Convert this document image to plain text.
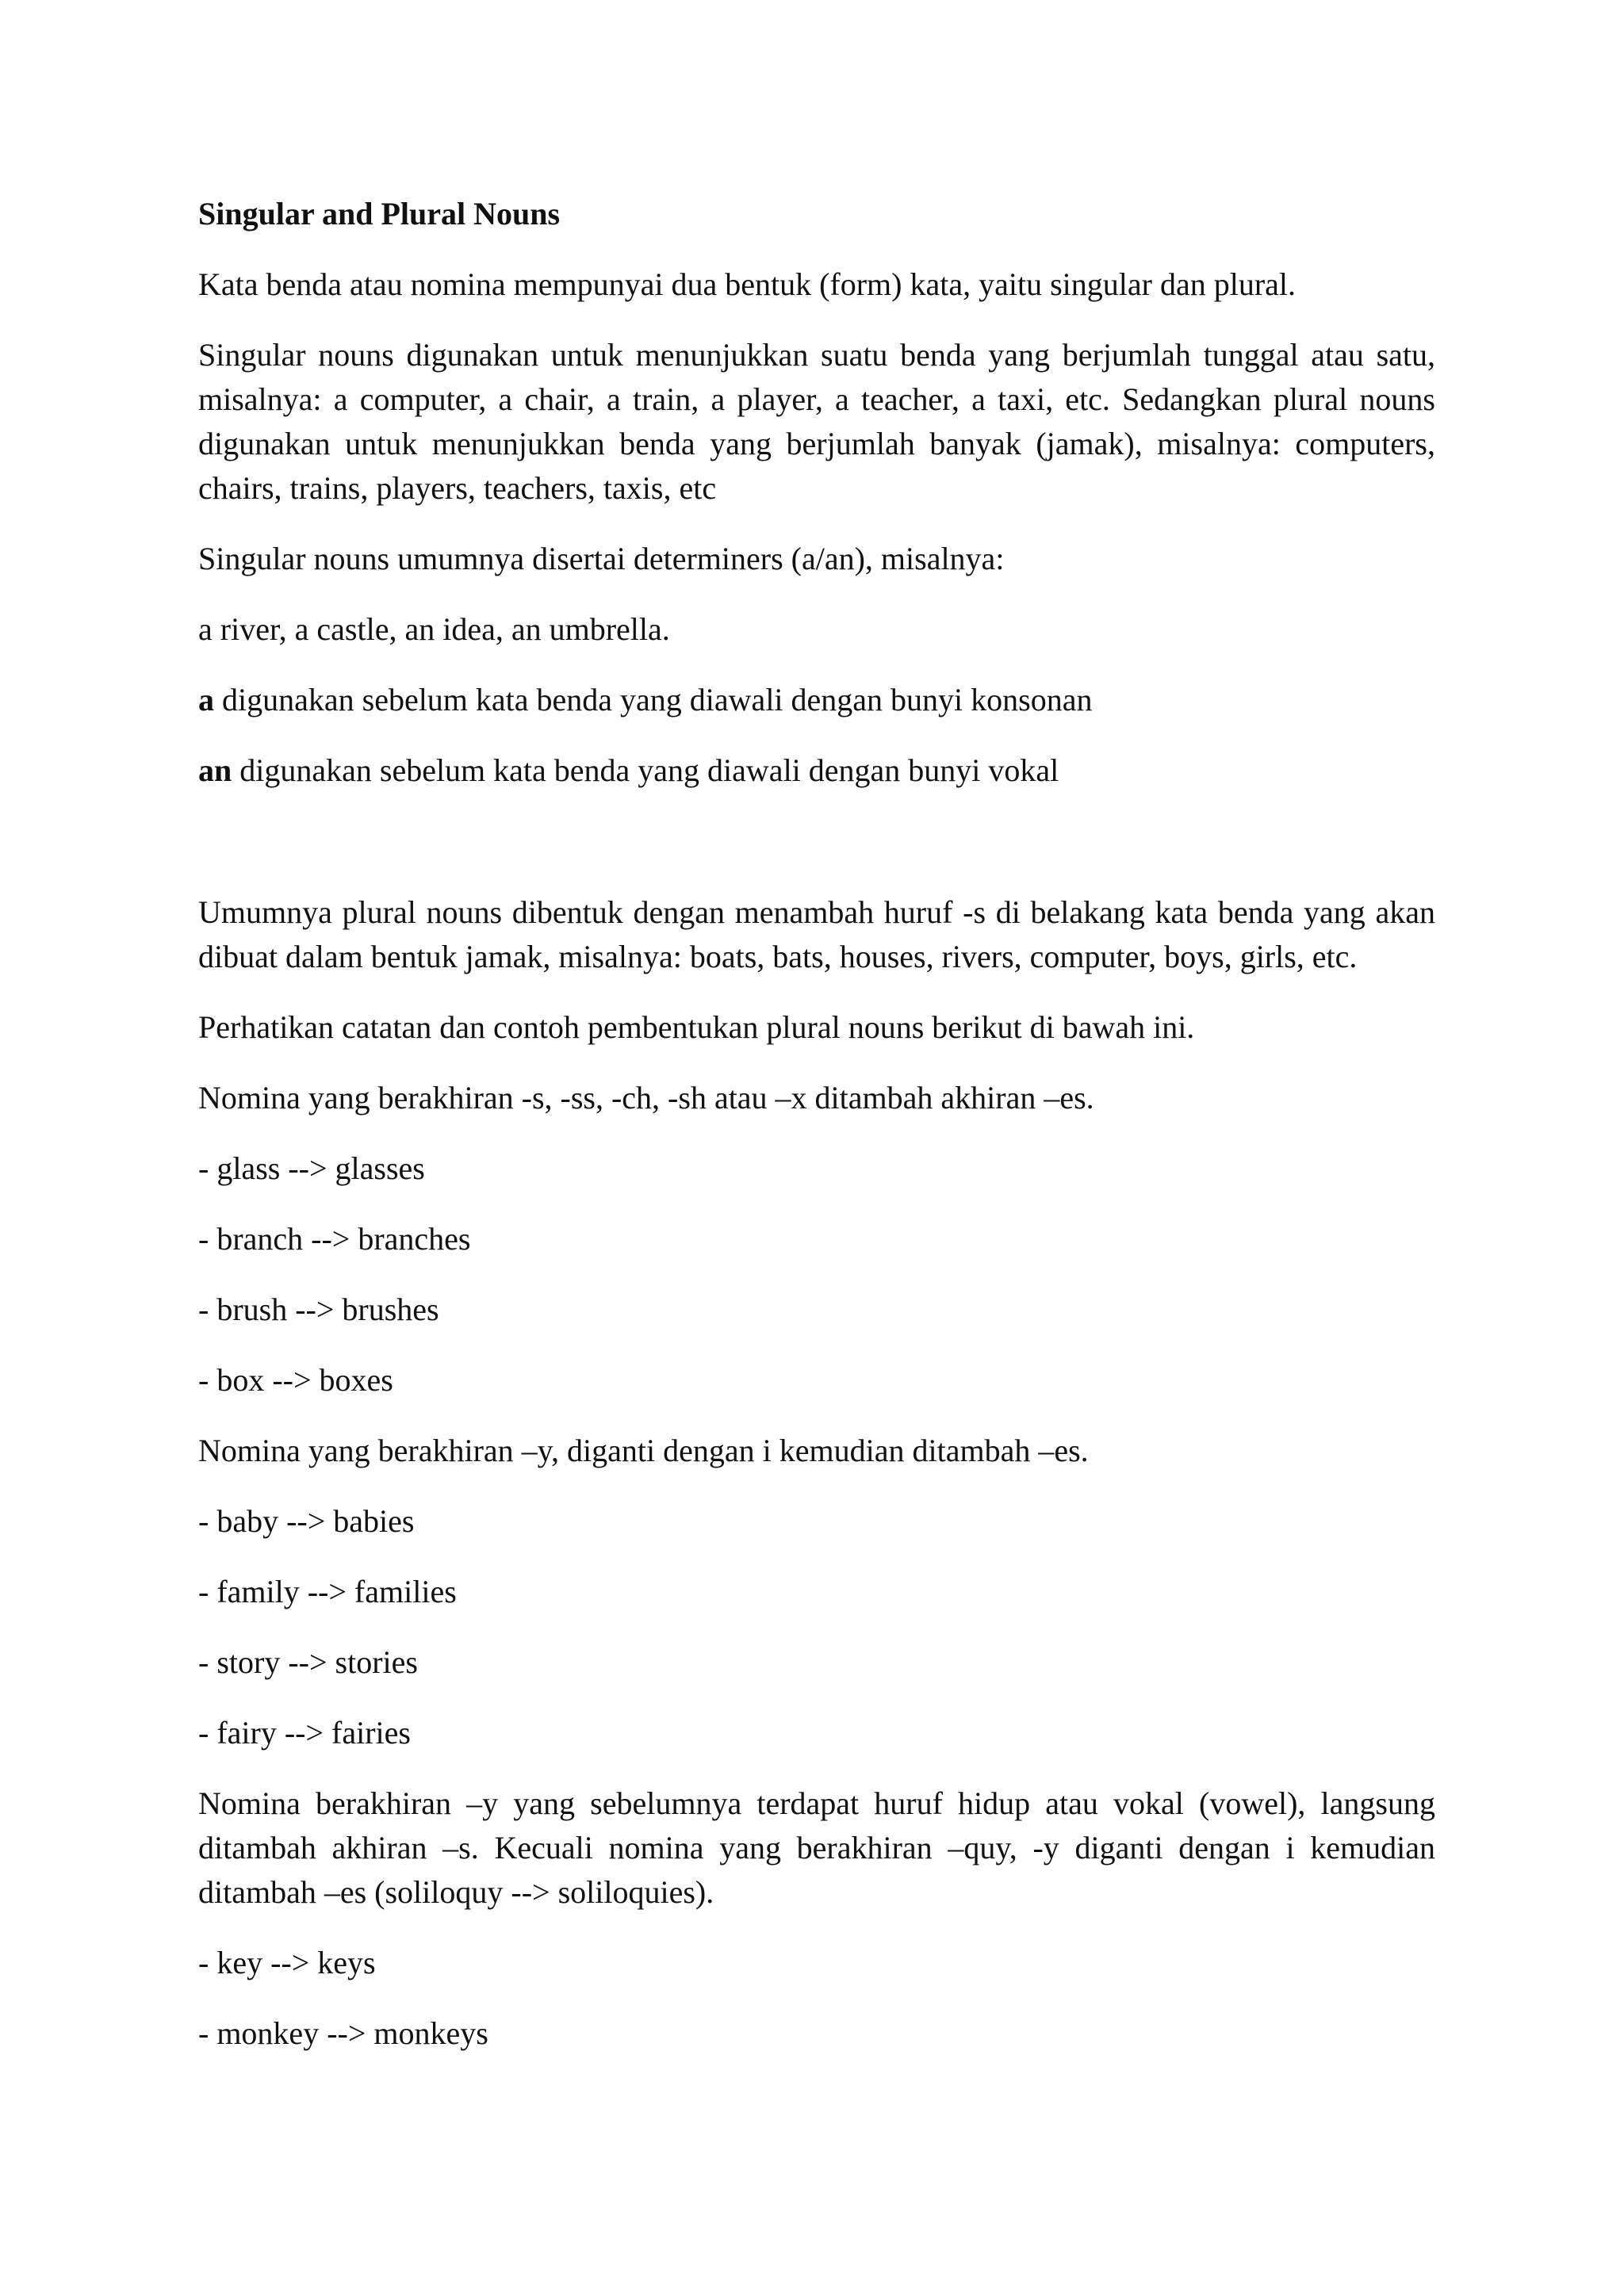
Singular and Plural Nouns

Kata benda atau nomina mempunyai dua bentuk (form) kata, yaitu singular dan plural.

Singular nouns digunakan untuk menunjukkan suatu benda yang berjumlah tunggal atau satu, misalnya: a computer, a chair, a train, a player, a teacher, a taxi, etc. Sedangkan plural nouns digunakan untuk menunjukkan benda yang berjumlah banyak (jamak), misalnya: computers, chairs, trains, players, teachers, taxis, etc

Singular nouns umumnya disertai determiners (a/an), misalnya:

a river, a castle, an idea, an umbrella.

a digunakan sebelum kata benda yang diawali dengan bunyi konsonan

an digunakan sebelum kata benda yang diawali dengan bunyi vokal

Umumnya plural nouns dibentuk dengan menambah huruf -s di belakang kata benda yang akan dibuat dalam bentuk jamak, misalnya: boats, bats, houses, rivers, computer, boys, girls, etc.

Perhatikan catatan dan contoh pembentukan plural nouns berikut di bawah ini.

Nomina yang berakhiran -s, -ss, -ch, -sh atau –x ditambah akhiran –es.

- glass --> glasses
- branch --> branches
- brush --> brushes
- box --> boxes

Nomina yang berakhiran –y, diganti dengan i kemudian ditambah –es.

- baby --> babies
- family --> families
- story --> stories
- fairy --> fairies

Nomina berakhiran –y yang sebelumnya terdapat huruf hidup atau vokal (vowel), langsung ditambah akhiran –s. Kecuali nomina yang berakhiran –quy, -y diganti dengan i kemudian ditambah –es (soliloquy --> soliloquies).

- key --> keys
- monkey --> monkeys
